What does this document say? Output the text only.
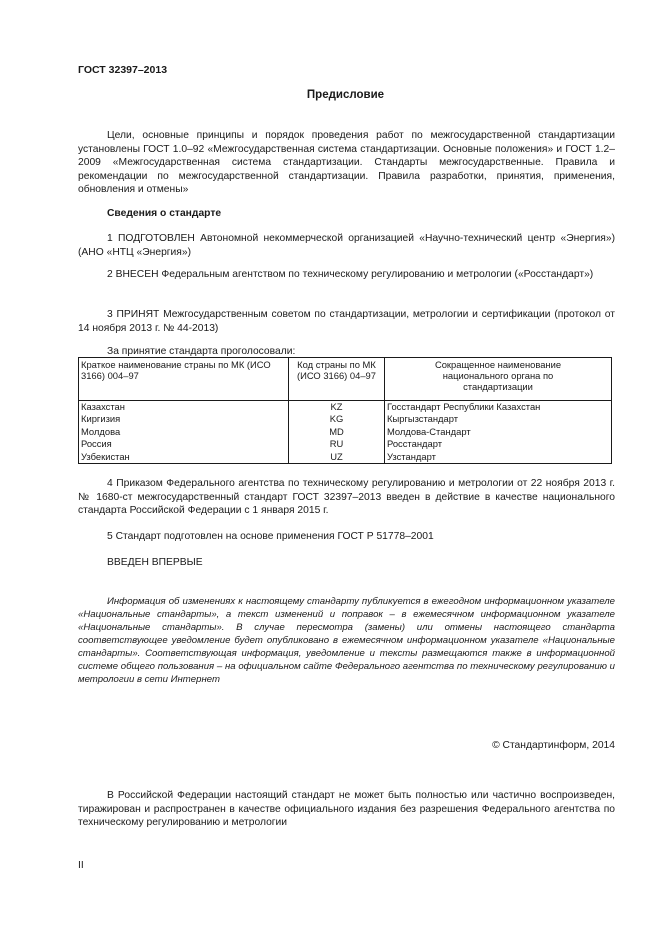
ГОСТ 32397–2013
Предисловие
Цели, основные принципы и порядок проведения работ по межгосударственной стандартизации установлены ГОСТ 1.0–92 «Межгосударственная система стандартизации. Основные положения» и ГОСТ 1.2–2009 «Межгосударственная система стандартизации. Стандарты межгосударственные. Правила и рекомендации по межгосударственной стандартизации. Правила разработки, принятия, применения, обновления и отмены»
Сведения о стандарте
1 ПОДГОТОВЛЕН Автономной некоммерческой организацией «Научно-технический центр «Энергия») (АНО «НТЦ «Энергия»)
2 ВНЕСЕН Федеральным агентством по техническому регулированию и метрологии («Росстандарт»)
3 ПРИНЯТ Межгосударственным советом по стандартизации, метрологии и сертификации (протокол от 14 ноября 2013 г. № 44-2013)
За принятие стандарта проголосовали:
Краткое наименование страны по МК (ИСО 3166) 004–97	Код страны по МК (ИСО 3166) 04–97	Сокращенное наименование национального органа по стандартизации
Казахстан	KZ	Госстандарт Республики Казахстан
Киргизия	KG	Кыргызстандарт
Молдова	MD	Молдова-Стандарт
Россия	RU	Росстандарт
Узбекистан	UZ	Узстандарт
4 Приказом Федерального агентства по техническому регулированию и метрологии от 22 ноября 2013 г. № 1680-ст межгосударственный стандарт ГОСТ 32397–2013 введен в действие в качестве национального стандарта Российской Федерации с 1 января 2015 г.
5 Стандарт подготовлен на основе применения ГОСТ Р 51778–2001
ВВЕДЕН ВПЕРВЫЕ
Информация об изменениях к настоящему стандарту публикуется в ежегодном информационном указателе «Национальные стандарты», а текст изменений и поправок – в ежемесячном информационном указателе «Национальные стандарты». В случае пересмотра (замены) или отмены настоящего стандарта соответствующее уведомление будет опубликовано в ежемесячном информационном указателе «Национальные стандарты». Соответствующая информация, уведомление и тексты размещаются также в информационной системе общего пользования – на официальном сайте Федерального агентства по техническому регулированию и метрологии в сети Интернет
© Стандартинформ, 2014
В Российской Федерации настоящий стандарт не может быть полностью или частично воспроизведен, тиражирован и распространен в качестве официального издания без разрешения Федерального агентства по техническому регулированию и метрологии
II
